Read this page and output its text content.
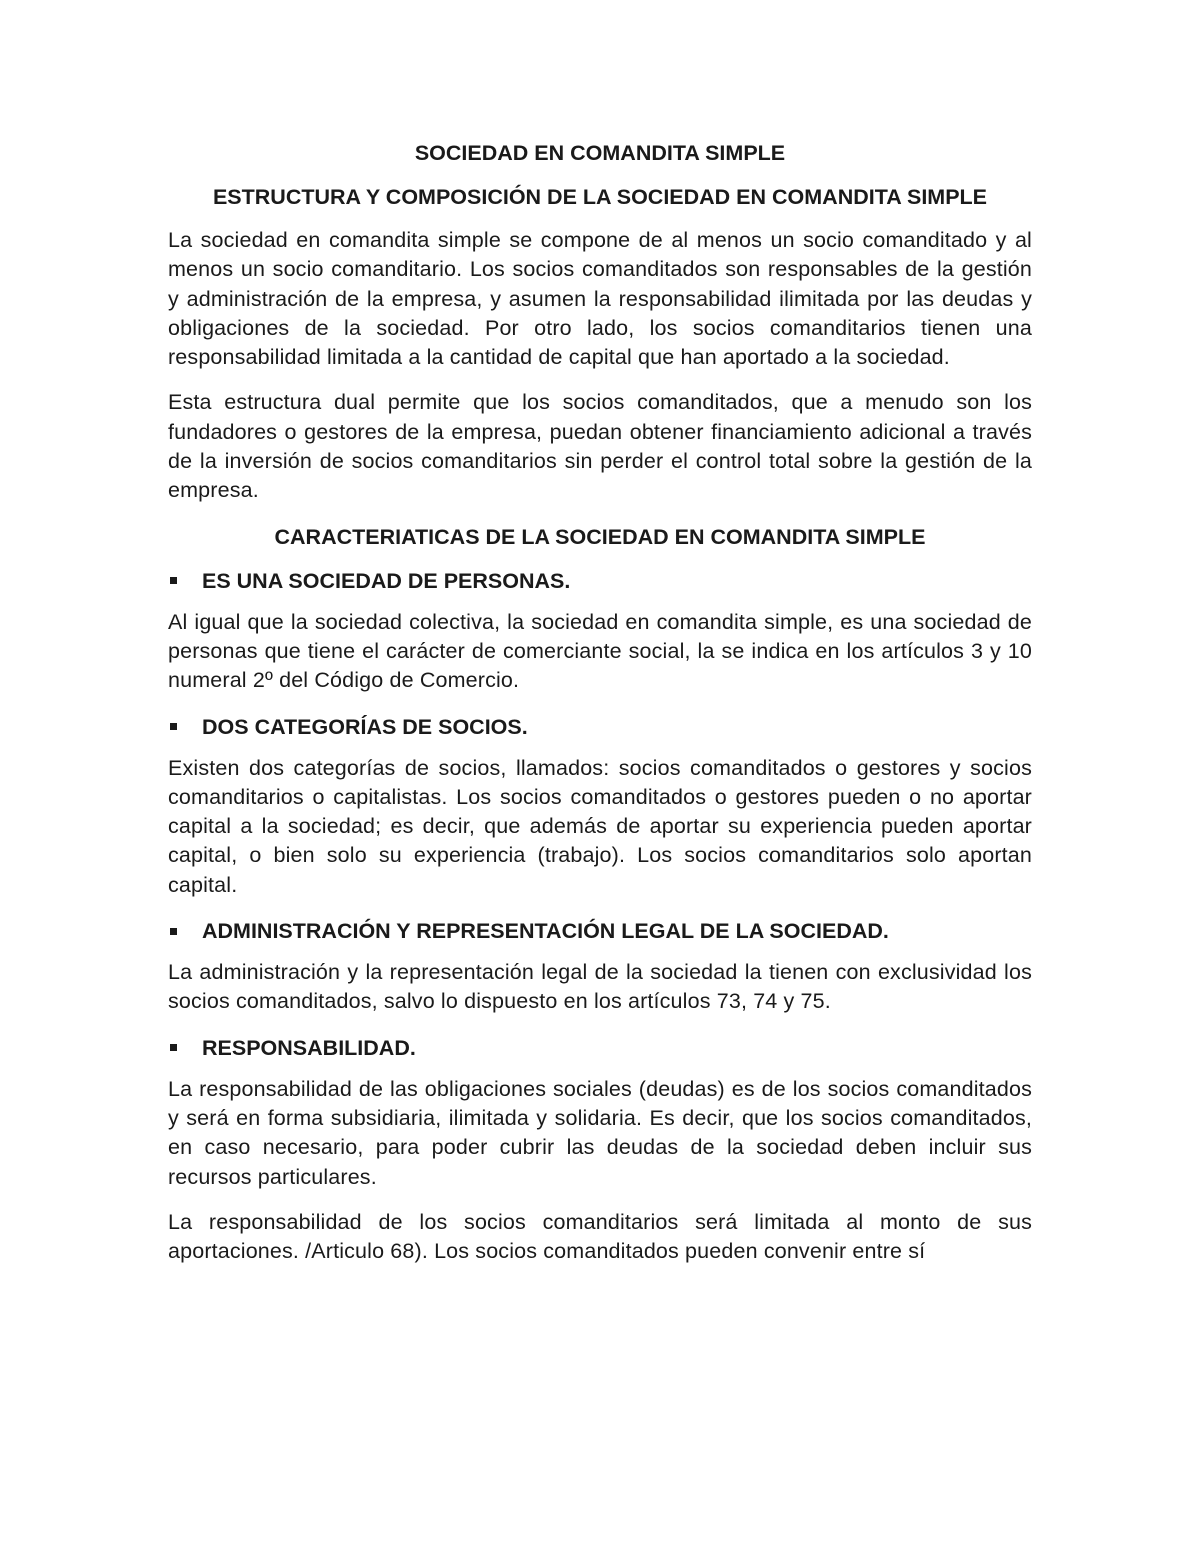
SOCIEDAD EN COMANDITA SIMPLE
ESTRUCTURA Y COMPOSICIÓN DE LA SOCIEDAD EN COMANDITA SIMPLE

La sociedad en comandita simple se compone de al menos un socio comanditado y al menos un socio comanditario. Los socios comanditados son responsables de la gestión y administración de la empresa, y asumen la responsabilidad ilimitada por las deudas y obligaciones de la sociedad. Por otro lado, los socios comanditarios tienen una responsabilidad limitada a la cantidad de capital que han aportado a la sociedad.

Esta estructura dual permite que los socios comanditados, que a menudo son los fundadores o gestores de la empresa, puedan obtener financiamiento adicional a través de la inversión de socios comanditarios sin perder el control total sobre la gestión de la empresa.

CARACTERIATICAS DE LA SOCIEDAD EN COMANDITA SIMPLE
ES UNA SOCIEDAD DE PERSONAS.

Al igual que la sociedad colectiva, la sociedad en comandita simple, es una sociedad de personas que tiene el carácter de comerciante social, la se indica en los artículos 3 y 10 numeral 2º del Código de Comercio.

DOS CATEGORÍAS DE SOCIOS.

Existen dos categorías de socios, llamados: socios comanditados o gestores y socios comanditarios o capitalistas. Los socios comanditados o gestores pueden o no aportar capital a la sociedad; es decir, que además de aportar su experiencia pueden aportar capital, o bien solo su experiencia (trabajo). Los socios comanditarios solo aportan capital.

ADMINISTRACIÓN Y REPRESENTACIÓN LEGAL DE LA SOCIEDAD.

La administración y la representación legal de la sociedad la tienen con exclusividad los socios comanditados, salvo lo dispuesto en los artículos 73, 74 y 75.

RESPONSABILIDAD.

La responsabilidad de las obligaciones sociales (deudas) es de los socios comanditados y será en forma subsidiaria, ilimitada y solidaria. Es decir, que los socios comanditados, en caso necesario, para poder cubrir las deudas de la sociedad deben incluir sus recursos particulares.

La responsabilidad de los socios comanditarios será limitada al monto de sus aportaciones. /Articulo 68). Los socios comanditados pueden convenir entre sí
